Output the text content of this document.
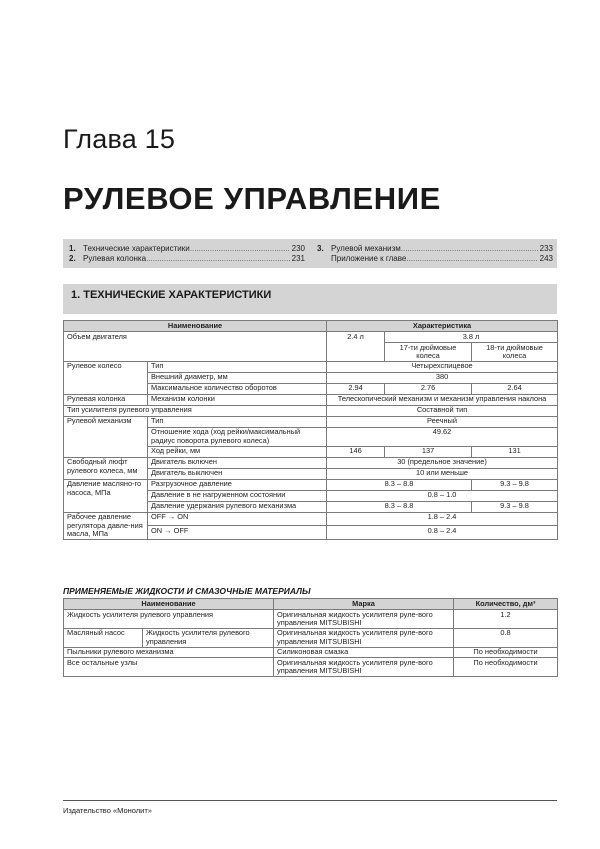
Глава 15
РУЛЕВОЕ УПРАВЛЕНИЕ
1. Технические характеристики .....	230
2. Рулевая колонка .....	231
3. Рулевой механизм .....	233
Приложение к главе .....	243
1. ТЕХНИЧЕСКИЕ ХАРАКТЕРИСТИКИ
Наименование		Характеристика		
Объем двигателя		2.4 л	3.8 л	
			17-ти дюймовые колеса	18-ти дюймовые колеса
Рулевое колесо	Тип	Четырехспицевое		
	Внешний диаметр, мм	380		
	Максимальное количество оборотов	2.94	2.76	2.64
Рулевая колонка	Механизм колонки	Телескопический механизм и механизм управления наклона		
Тип усилителя рулевого управления		Составной тип		
Рулевой механизм	Тип	Реечный		
	Отношение хода (ход рейки/максимальный радиус поворота рулевого колеса)	49.62		
	Ход рейки, мм	146	137	131
Свободный люфт рулевого колеса, мм	Двигатель включен	30 (предельное значение)		
	Двигатель выключен	10 или меньше		
Давление масляно-го насоса, МПа	Разгрузочное давление	8.3 – 8.8		9.3 – 9.8
	Давление в не нагруженном состоянии	0.8 – 1.0		
	Давление удержания рулевого механизма	8.3 – 8.8		9.3 – 9.8
Рабочее давление регулятора давле-ния масла, МПа	OFF → ON	1.8 – 2.4		
	ON → OFF	0.8 – 2.4		
ПРИМЕНЯЕМЫЕ ЖИДКОСТИ И СМАЗОЧНЫЕ МАТЕРИАЛЫ
Наименование		Марка	Количество, дм³
Жидкость усилителя рулевого управления		Оригинальная жидкость усилителя руле-вого управления MITSUBISHI	1.2
Масляный насос	Жидкость усилителя рулевого управления	Оригинальная жидкость усилителя руле-вого управления MITSUBISHI	0.8
Пыльники рулевого механизма		Силиконовая смазка	По необходимости
Все остальные узлы		Оригинальная жидкость усилителя руле-вого управления MITSUBISHI	По необходимости
Издательство «Монолит»
